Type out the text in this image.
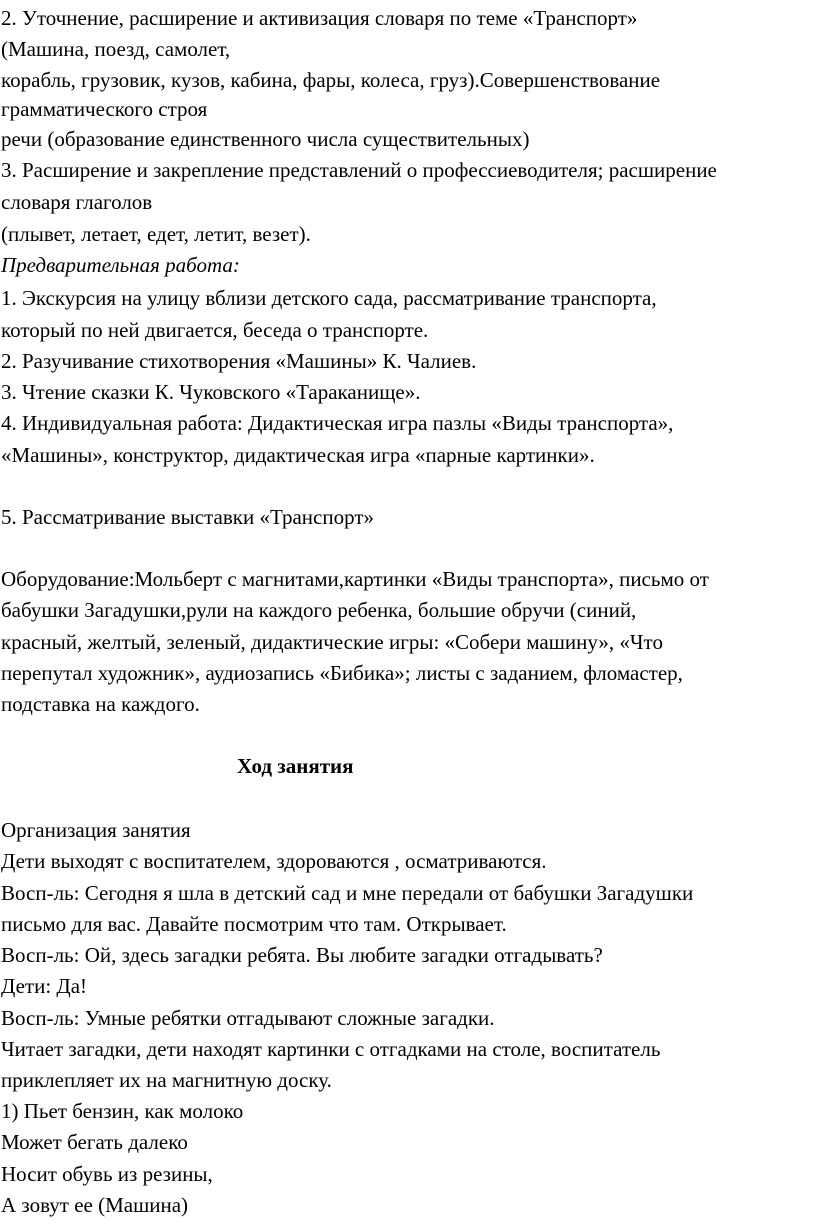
2. Уточнение, расширение и активизация словаря по теме «Транспорт»
(Машина, поезд, самолет,
корабль, грузовик, кузов, кабина, фары, колеса, груз).Совершенствование
грамматического строя
речи (образование единственного числа существительных)
3. Расширение и закрепление представлений о профессиеводителя; расширение
словаря глаголов
(плывет, летает, едет, летит, везет).
Предварительная работа:
1. Экскурсия на улицу вблизи детского сада, рассматривание транспорта,
который по ней двигается, беседа о транспорте.
2. Разучивание стихотворения «Машины» К. Чалиев.
3. Чтение сказки К. Чуковского «Тараканище».
4. Индивидуальная работа: Дидактическая игра пазлы «Виды транспорта»,
«Машины», конструктор, дидактическая игра «парные картинки».
5. Рассматривание выставки «Транспорт»
Оборудование:Мольберт с магнитами,картинки «Виды транспорта», письмо от
бабушки Загадушки,рули на каждого ребенка, большие обручи (синий,
красный, желтый, зеленый, дидактические игры: «Собери машину», «Что
перепутал художник», аудиозапись «Бибика»; листы с заданием, фломастер,
подставка на каждого.
Ход занятия
Организация занятия
Дети выходят с воспитателем, здороваются , осматриваются.
Восп-ль: Сегодня я шла в детский сад и мне передали от бабушки Загадушки
письмо для вас. Давайте посмотрим что там. Открывает.
Восп-ль: Ой, здесь загадки ребята. Вы любите загадки отгадывать?
Дети: Да!
Восп-ль: Умные ребятки отгадывают сложные загадки.
Читает загадки, дети находят картинки с отгадками на столе, воспитатель
приклепляет их на магнитную доску.
1) Пьет бензин, как молоко
Может бегать далеко
Носит обувь из резины,
А зовут ее (Машина)
